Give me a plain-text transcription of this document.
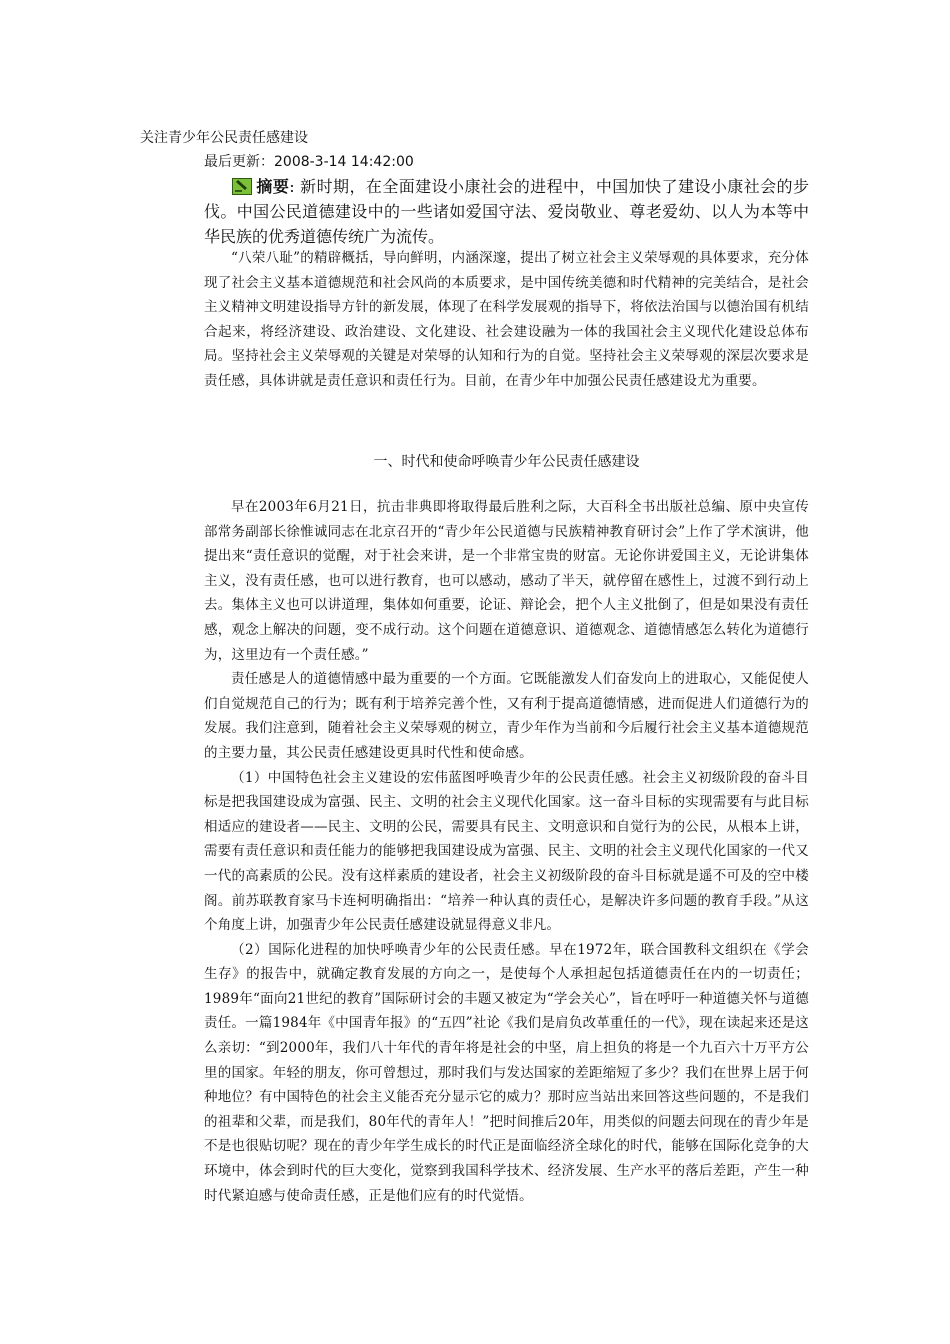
关注青少年公民责任感建设
最后更新：2008-3-14 14:42:00
摘要: 新时期，在全面建设小康社会的进程中，中国加快了建设小康社会的步伐。中国公民道德建设中的一些诸如爱国守法、爱岗敬业、尊老爱幼、以人为本等中华民族的优秀道德传统广为流传。

“八荣八耻”的精辟概括，导向鲜明，内涵深邃，提出了树立社会主义荣辱观的具体要求，充分体现了社会主义基本道德规范和社会风尚的本质要求，是中国传统美德和时代精神的完美结合，是社会主义精神文明建设指导方针的新发展，体现了在科学发展观的指导下，将依法治国与以德治国有机结合起来，将经济建设、政治建设、文化建设、社会建设融为一体的我国社会主义现代化建设总体布局。坚持社会主义荣辱观的关键是对荣辱的认知和行为的自觉。坚持社会主义荣辱观的深层次要求是责任感，具体讲就是责任意识和责任行为。目前，在青少年中加强公民责任感建设尤为重要。

一、时代和使命呼唤青少年公民责任感建设

早在2003年6月21日，抗击非典即将取得最后胜利之际，大百科全书出版社总编、原中央宣传部常务副部长徐惟诚同志在北京召开的“青少年公民道德与民族精神教育研讨会”上作了学术演讲，他提出来“责任意识的觉醒，对于社会来讲，是一个非常宝贵的财富。无论你讲爱国主义，无论讲集体主义，没有责任感，也可以进行教育，也可以感动，感动了半天，就停留在感性上，过渡不到行动上去。集体主义也可以讲道理，集体如何重要，论证、辩论会，把个人主义批倒了，但是如果没有责任感，观念上解决的问题，变不成行动。这个问题在道德意识、道德观念、道德情感怎么转化为道德行为，这里边有一个责任感。”

责任感是人的道德情感中最为重要的一个方面。它既能激发人们奋发向上的进取心，又能促使人们自觉规范自己的行为；既有利于培养完善个性，又有利于提高道德情感，进而促进人们道德行为的发展。我们注意到，随着社会主义荣辱观的树立，青少年作为当前和今后履行社会主义基本道德规范的主要力量，其公民责任感建设更具时代性和使命感。

（1）中国特色社会主义建设的宏伟蓝图呼唤青少年的公民责任感。社会主义初级阶段的奋斗目标是把我国建设成为富强、民主、文明的社会主义现代化国家。这一奋斗目标的实现需要有与此目标相适应的建设者——民主、文明的公民，需要具有民主、文明意识和自觉行为的公民，从根本上讲，需要有责任意识和责任能力的能够把我国建设成为富强、民主、文明的社会主义现代化国家的一代又一代的高素质的公民。没有这样素质的建设者，社会主义初级阶段的奋斗目标就是遥不可及的空中楼阁。前苏联教育家马卡连柯明确指出：“培养一种认真的责任心，是解决许多问题的教育手段。”从这个角度上讲，加强青少年公民责任感建设就显得意义非凡。

（2）国际化进程的加快呼唤青少年的公民责任感。早在1972年，联合国教科文组织在《学会生存》的报告中，就确定教育发展的方向之一，是使每个人承担起包括道德责任在内的一切责任；1989年“面向21世纪的教育”国际研讨会的丰题又被定为“学会关心”，旨在呼吁一种道德关怀与道德责任。一篇1984年《中国青年报》的“五四”社论《我们是肩负改革重任的一代》，现在读起来还是这么亲切：“到2000年，我们八十年代的青年将是社会的中坚，肩上担负的将是一个九百六十万平方公里的国家。年轻的朋友，你可曾想过，那时我们与发达国家的差距缩短了多少？我们在世界上居于何种地位？有中国特色的社会主义能否充分显示它的威力？那时应当站出来回答这些问题的，不是我们的祖辈和父辈，而是我们，80年代的青年人！”把时间推后20年，用类似的问题去问现在的青少年是不是也很贴切呢？现在的青少年学生成长的时代正是面临经济全球化的时代，能够在国际化竞争的大环境中，体会到时代的巨大变化，觉察到我国科学技术、经济发展、生产水平的落后差距，产生一种时代紧迫感与使命责任感，正是他们应有的时代觉悟。
